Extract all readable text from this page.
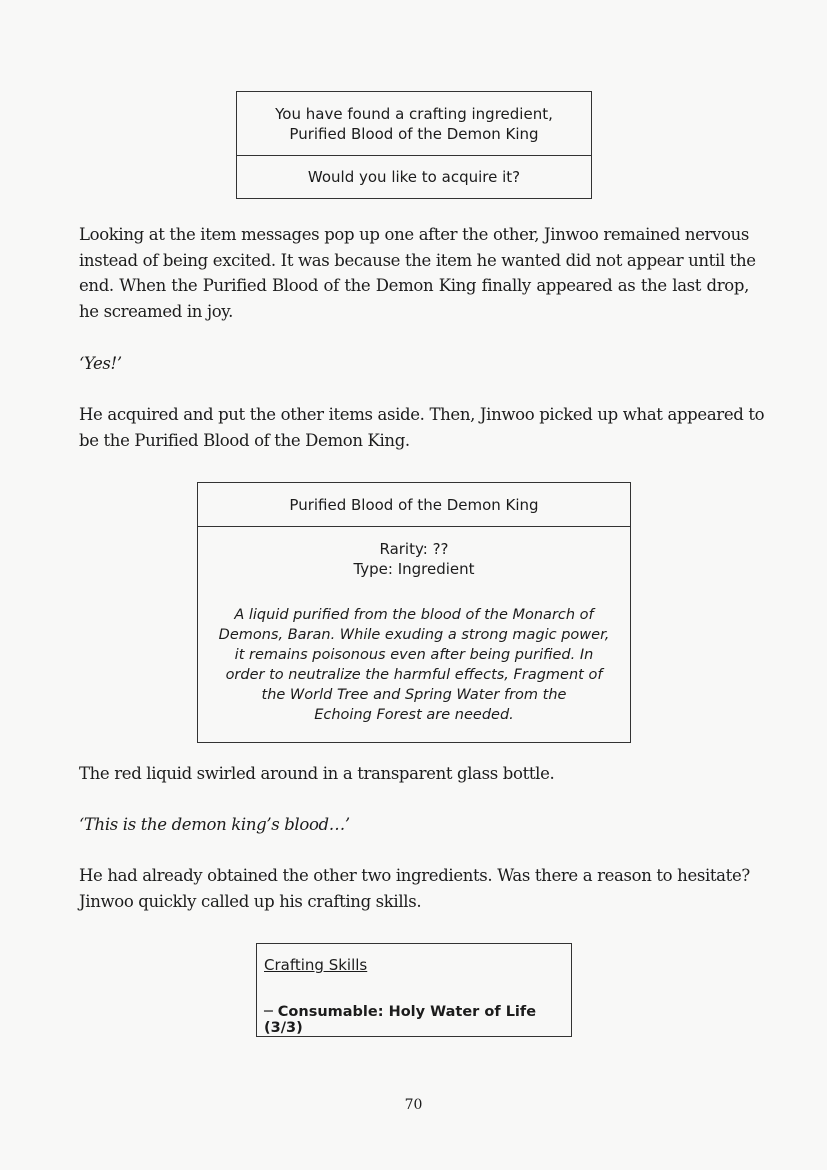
You have found a crafting ingredient,
Purified Blood of the Demon King
Would you like to acquire it?

Looking at the item messages pop up one after the other, Jinwoo remained nervous
instead of being excited. It was because the item he wanted did not appear until the
end. When the Purified Blood of the Demon King finally appeared as the last drop,
he screamed in joy.

‘Yes!’

He acquired and put the other items aside. Then, Jinwoo picked up what appeared to
be the Purified Blood of the Demon King.

Purified Blood of the Demon King
Rarity: ??
Type: Ingredient
A liquid purified from the blood of the Monarch of
Demons, Baran. While exuding a strong magic power,
it remains poisonous even after being purified. In
order to neutralize the harmful effects, Fragment of
the World Tree and Spring Water from the
Echoing Forest are needed.

The red liquid swirled around in a transparent glass bottle.

‘This is the demon king’s blood…’

He had already obtained the other two ingredients. Was there a reason to hesitate?
Jinwoo quickly called up his crafting skills.

Crafting Skills
─ Consumable: Holy Water of Life (3/3)
70
